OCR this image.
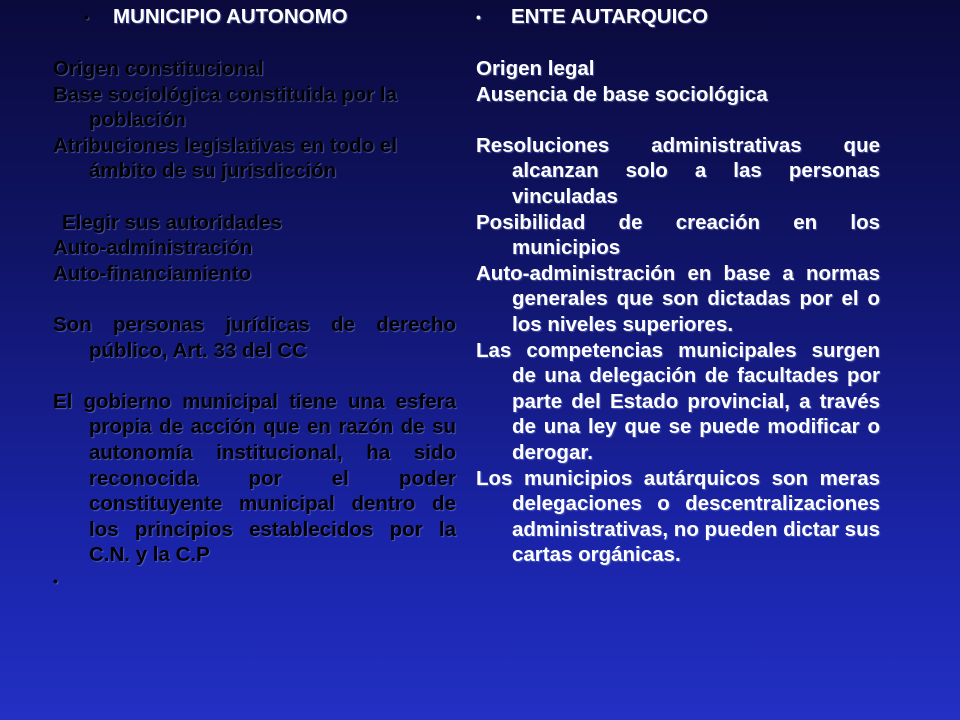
• MUNICIPIO AUTONOMO

Origen constitucional

Base sociológica constituida por la población

Atribuciones legislativas en todo el ámbito de su jurisdicción

Elegir sus autoridades

Auto-administración

Auto-financiamiento

Son personas jurídicas de derecho público, Art. 33 del CC

El gobierno municipal tiene una esfera propia de acción que en razón de su autonomía institucional, ha sido reconocida por el poder constituyente municipal dentro de los principios establecidos por la C.N. y la C.P

•
• ENTE AUTARQUICO

Origen legal

Ausencia de base sociológica

Resoluciones administrativas que alcanzan solo a las personas vinculadas

Posibilidad de creación en los municipios

Auto-administración en base a normas generales que son dictadas por el o los niveles superiores.

Las competencias municipales surgen de una delegación de facultades por parte del Estado provincial, a través de una ley que se puede modificar o derogar.

Los municipios autárquicos son meras delegaciones o descentralizaciones administrativas, no pueden dictar sus cartas orgánicas.
